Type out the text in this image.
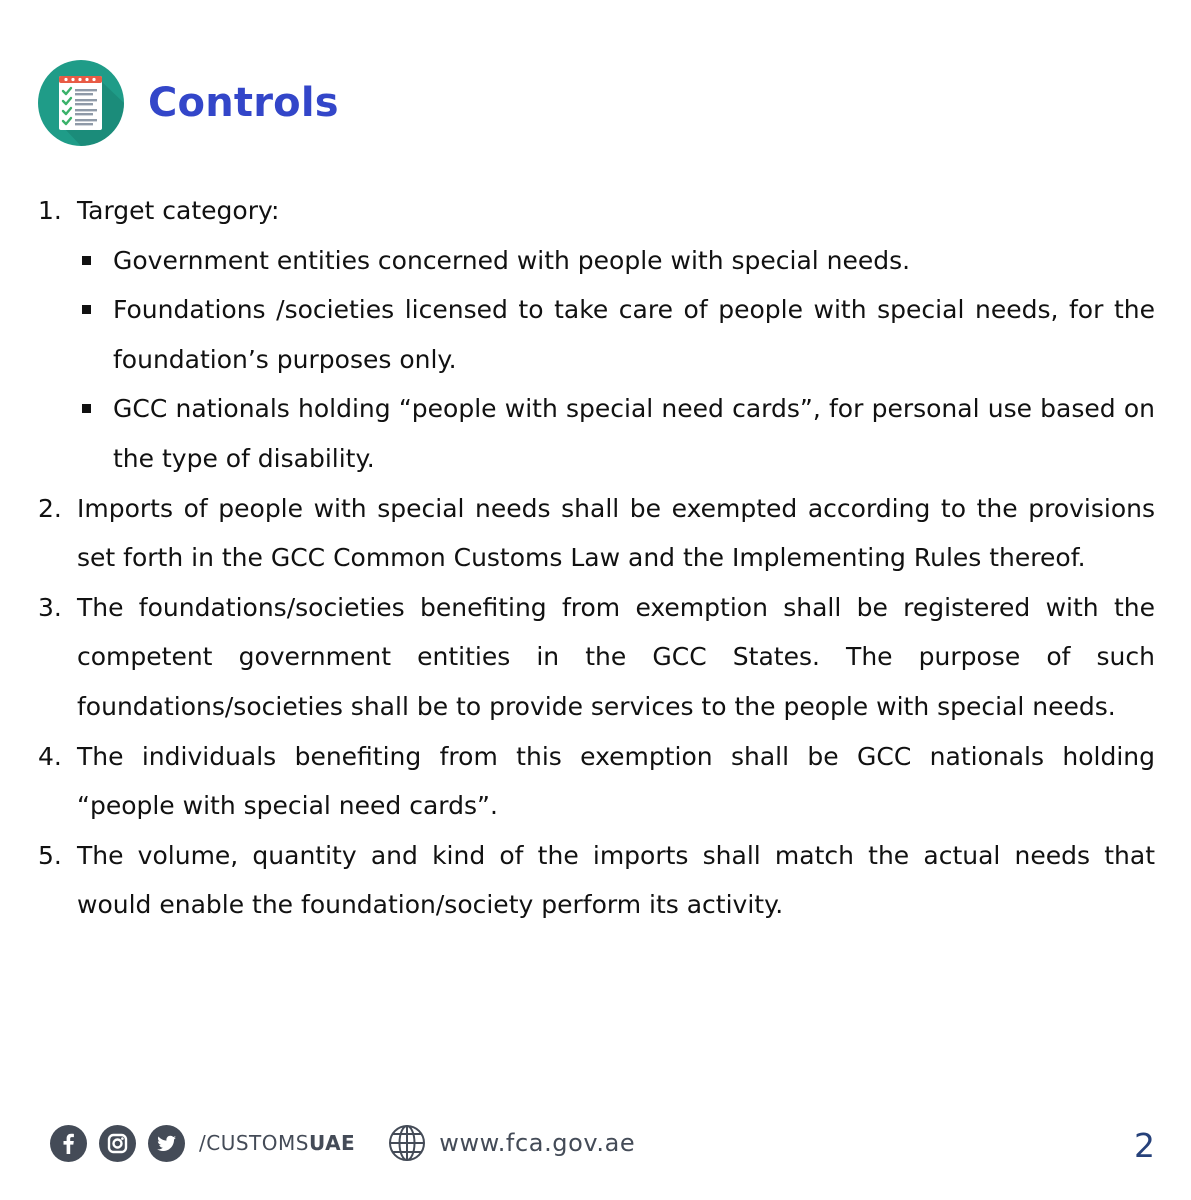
Controls
1. Target category:
Government entities concerned with people with special needs.
Foundations /societies licensed to take care of people with special needs, for the foundation’s purposes only.
GCC nationals holding “people with special need cards”, for personal use based on the type of disability.
2. Imports of people with special needs shall be exempted according to the provisions set forth in the GCC Common Customs Law and the Implementing Rules thereof.
3. The foundations/societies benefiting from exemption shall be registered with the competent government entities in the GCC States. The purpose of such foundations/societies shall be to provide services to the people with special needs.
4. The individuals benefiting from this exemption shall be GCC nationals holding “people with special need cards”.
5. The volume, quantity and kind of the imports shall match the actual needs that would enable the foundation/society perform its activity.
/CUSTOMSUAE	www.fca.gov.ae	2
